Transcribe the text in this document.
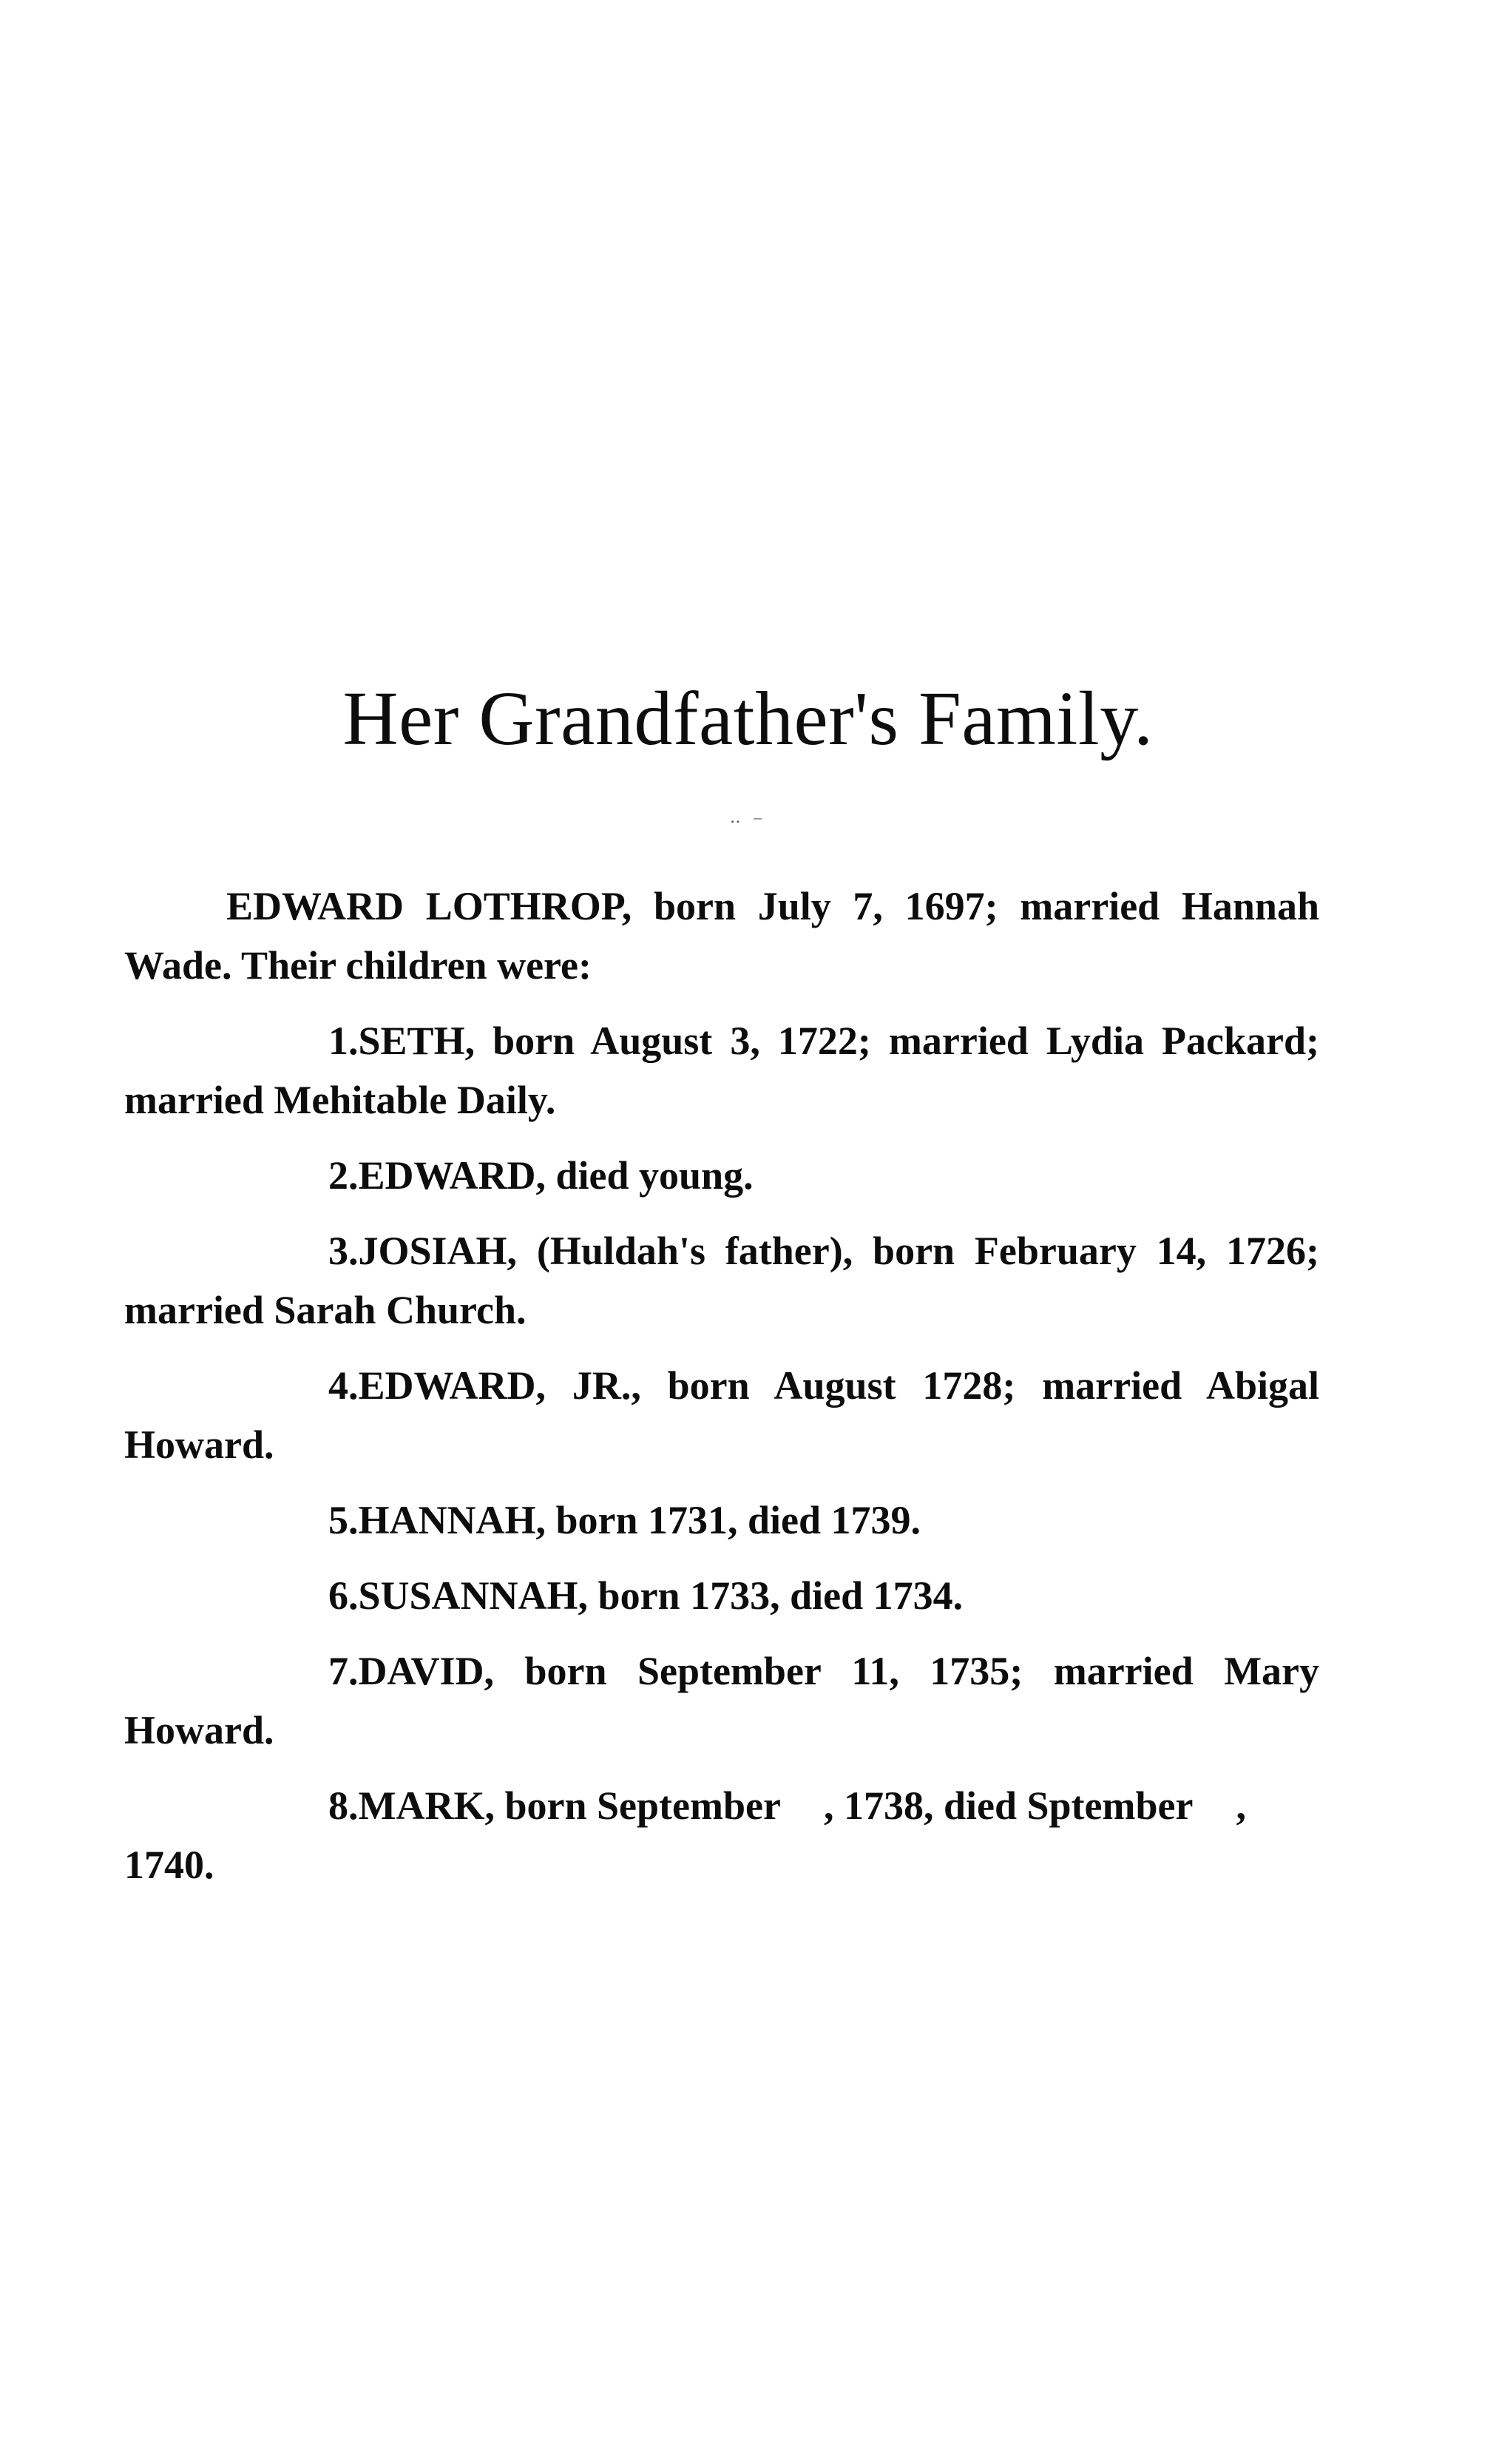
Her Grandfather's Family.
‥ –

EDWARD LOTHROP, born July 7, 1697; married Hannah Wade. Their children were:

1.SETH, born August 3, 1722; married Lydia Packard; married Mehitable Daily.

2.EDWARD, died young.

3.JOSIAH, (Huldah's father), born February 14, 1726; married Sarah Church.

4.EDWARD, JR., born August 1728; married Abigal Howard.

5.HANNAH, born 1731, died 1739.

6.SUSANNAH, born 1733, died 1734.

7.DAVID, born September 11, 1735; married Mary Howard.

8.MARK, born September , 1738, died Sptember , 1740.
